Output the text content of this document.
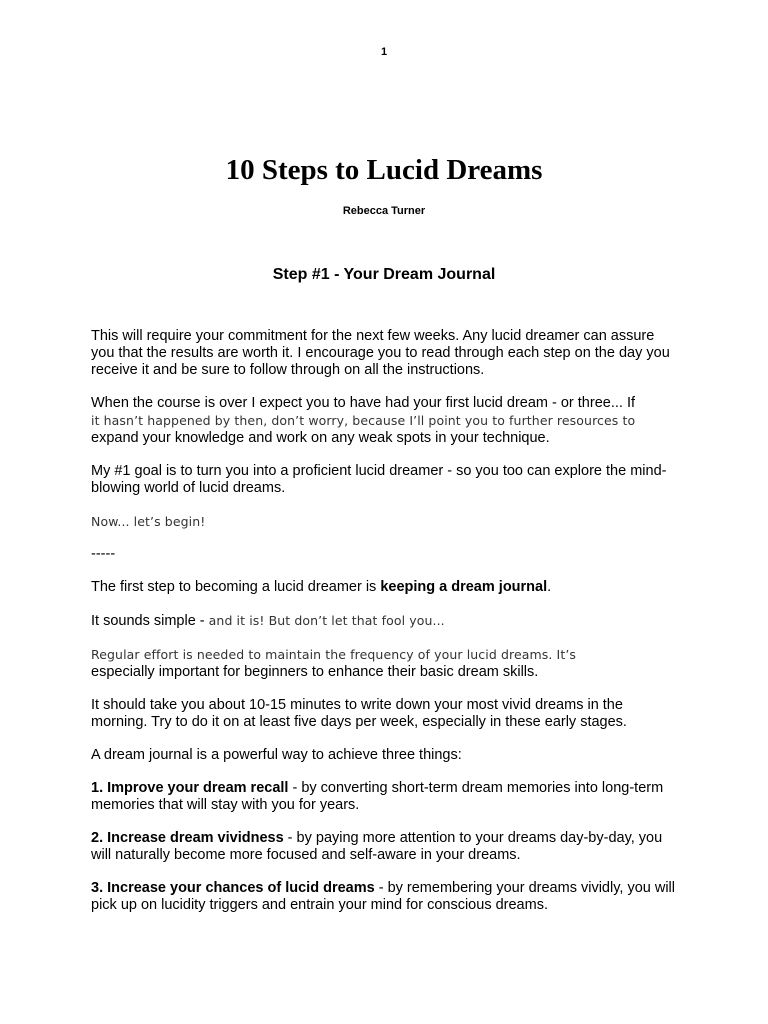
1
10 Steps to Lucid Dreams
Rebecca Turner
Step #1 - Your Dream Journal

This will require your commitment for the next few weeks. Any lucid dreamer can assure you that the results are worth it. I encourage you to read through each step on the day you receive it and be sure to follow through on all the instructions.

When the course is over I expect you to have had your first lucid dream - or three... If
it hasn’t happened by then, don’t worry, because I’ll point you to further resources to
expand your knowledge and work on any weak spots in your technique.

My #1 goal is to turn you into a proficient lucid dreamer - so you too can explore the mind-blowing world of lucid dreams.

Now... let’s begin!

-----

The first step to becoming a lucid dreamer is keeping a dream journal.

It sounds simple - and it is! But don’t let that fool you...

Regular effort is needed to maintain the frequency of your lucid dreams. It’s
especially important for beginners to enhance their basic dream skills.

It should take you about 10-15 minutes to write down your most vivid dreams in the morning. Try to do it on at least five days per week, especially in these early stages.

A dream journal is a powerful way to achieve three things:

1. Improve your dream recall - by converting short-term dream memories into long-term memories that will stay with you for years.

2. Increase dream vividness - by paying more attention to your dreams day-by-day, you will naturally become more focused and self-aware in your dreams.

3. Increase your chances of lucid dreams - by remembering your dreams vividly, you will pick up on lucidity triggers and entrain your mind for conscious dreams.
